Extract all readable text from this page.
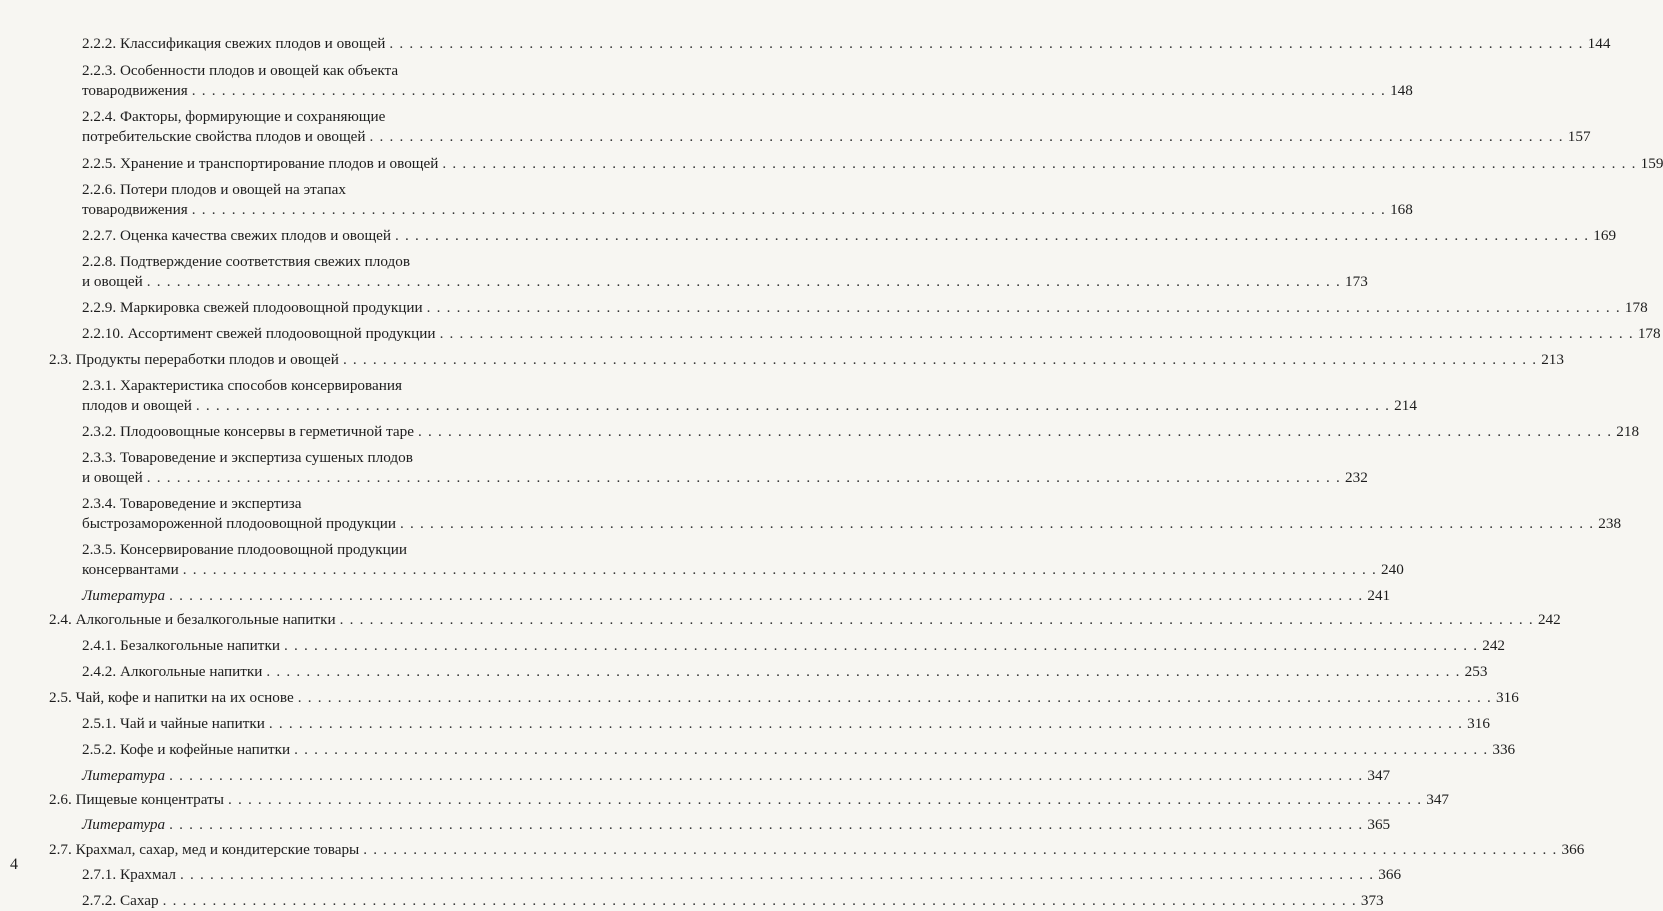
2.2.2. Классификация свежих плодов и овощей . . . . . . . . . . . . . . . . . . . . . . . . . . . . . . . . . . . . . . . . . . . . . . . . . . . . . . . . . . . . . . . . . . . . . . . . . . . . . . . . . . . . . . . . . . . . . . . . . . . . . . . . . . . . . . . . . . . . . . . . 144
2.2.3. Особенности плодов и овощей как объекта
товародвижения . . . . . . . . . . . . . . . . . . . . . . . . . . . . . . . . . . . . . . . . . . . . . . . . . . . . . . . . . . . . . . . . . . . . . . . . . . . . . . . . . . . . . . . . . . . . . . . . . . . . . . . . . . . . . . . . . . . . . . . . 148
2.2.4. Факторы, формирующие и сохраняющие
потребительские свойства плодов и овощей . . . . . . . . . . . . . . . . . . . . . . . . . . . . . . . . . . . . . . . . . . . . . . . . . . . . . . . . . . . . . . . . . . . . . . . . . . . . . . . . . . . . . . . . . . . . . . . . . . . . . . . . . . . . . . . . . . . . . . . . 157
2.2.5. Хранение и транспортирование плодов и овощей . . . . . . . . . . . . . . . . . . . . . . . . . . . . . . . . . . . . . . . . . . . . . . . . . . . . . . . . . . . . . . . . . . . . . . . . . . . . . . . . . . . . . . . . . . . . . . . . . . . . . . . . . . . . . . . . . . . . . . . . 159
2.2.6. Потери плодов и овощей на этапах
товародвижения . . . . . . . . . . . . . . . . . . . . . . . . . . . . . . . . . . . . . . . . . . . . . . . . . . . . . . . . . . . . . . . . . . . . . . . . . . . . . . . . . . . . . . . . . . . . . . . . . . . . . . . . . . . . . . . . . . . . . . . . 168
2.2.7. Оценка качества свежих плодов и овощей . . . . . . . . . . . . . . . . . . . . . . . . . . . . . . . . . . . . . . . . . . . . . . . . . . . . . . . . . . . . . . . . . . . . . . . . . . . . . . . . . . . . . . . . . . . . . . . . . . . . . . . . . . . . . . . . . . . . . . . . 169
2.2.8. Подтверждение соответствия свежих плодов
и овощей . . . . . . . . . . . . . . . . . . . . . . . . . . . . . . . . . . . . . . . . . . . . . . . . . . . . . . . . . . . . . . . . . . . . . . . . . . . . . . . . . . . . . . . . . . . . . . . . . . . . . . . . . . . . . . . . . . . . . . . . 173
2.2.9. Маркировка свежей плодоовощной продукции . . . . . . . . . . . . . . . . . . . . . . . . . . . . . . . . . . . . . . . . . . . . . . . . . . . . . . . . . . . . . . . . . . . . . . . . . . . . . . . . . . . . . . . . . . . . . . . . . . . . . . . . . . . . . . . . . . . . . . . . 178
2.2.10. Ассортимент свежей плодоовощной продукции . . . . . . . . . . . . . . . . . . . . . . . . . . . . . . . . . . . . . . . . . . . . . . . . . . . . . . . . . . . . . . . . . . . . . . . . . . . . . . . . . . . . . . . . . . . . . . . . . . . . . . . . . . . . . . . . . . . . . . . . 178
2.3. Продукты переработки плодов и овощей . . . . . . . . . . . . . . . . . . . . . . . . . . . . . . . . . . . . . . . . . . . . . . . . . . . . . . . . . . . . . . . . . . . . . . . . . . . . . . . . . . . . . . . . . . . . . . . . . . . . . . . . . . . . . . . . . . . . . . . . 213
2.3.1. Характеристика способов консервирования
плодов и овощей . . . . . . . . . . . . . . . . . . . . . . . . . . . . . . . . . . . . . . . . . . . . . . . . . . . . . . . . . . . . . . . . . . . . . . . . . . . . . . . . . . . . . . . . . . . . . . . . . . . . . . . . . . . . . . . . . . . . . . . . 214
2.3.2. Плодоовощные консервы в герметичной таре . . . . . . . . . . . . . . . . . . . . . . . . . . . . . . . . . . . . . . . . . . . . . . . . . . . . . . . . . . . . . . . . . . . . . . . . . . . . . . . . . . . . . . . . . . . . . . . . . . . . . . . . . . . . . . . . . . . . . . . . 218
2.3.3. Товароведение и экспертиза сушеных плодов
и овощей . . . . . . . . . . . . . . . . . . . . . . . . . . . . . . . . . . . . . . . . . . . . . . . . . . . . . . . . . . . . . . . . . . . . . . . . . . . . . . . . . . . . . . . . . . . . . . . . . . . . . . . . . . . . . . . . . . . . . . . . 232
2.3.4. Товароведение и экспертиза
быстрозамороженной плодоовощной продукции . . . . . . . . . . . . . . . . . . . . . . . . . . . . . . . . . . . . . . . . . . . . . . . . . . . . . . . . . . . . . . . . . . . . . . . . . . . . . . . . . . . . . . . . . . . . . . . . . . . . . . . . . . . . . . . . . . . . . . . . 238
2.3.5. Консервирование плодоовощной продукции
консервантами . . . . . . . . . . . . . . . . . . . . . . . . . . . . . . . . . . . . . . . . . . . . . . . . . . . . . . . . . . . . . . . . . . . . . . . . . . . . . . . . . . . . . . . . . . . . . . . . . . . . . . . . . . . . . . . . . . . . . . . . 240
Литература . . . . . . . . . . . . . . . . . . . . . . . . . . . . . . . . . . . . . . . . . . . . . . . . . . . . . . . . . . . . . . . . . . . . . . . . . . . . . . . . . . . . . . . . . . . . . . . . . . . . . . . . . . . . . . . . . . . . . . . . 241
2.4. Алкогольные и безалкогольные напитки . . . . . . . . . . . . . . . . . . . . . . . . . . . . . . . . . . . . . . . . . . . . . . . . . . . . . . . . . . . . . . . . . . . . . . . . . . . . . . . . . . . . . . . . . . . . . . . . . . . . . . . . . . . . . . . . . . . . . . . . 242
2.4.1. Безалкогольные напитки . . . . . . . . . . . . . . . . . . . . . . . . . . . . . . . . . . . . . . . . . . . . . . . . . . . . . . . . . . . . . . . . . . . . . . . . . . . . . . . . . . . . . . . . . . . . . . . . . . . . . . . . . . . . . . . . . . . . . . . . 242
2.4.2. Алкогольные напитки . . . . . . . . . . . . . . . . . . . . . . . . . . . . . . . . . . . . . . . . . . . . . . . . . . . . . . . . . . . . . . . . . . . . . . . . . . . . . . . . . . . . . . . . . . . . . . . . . . . . . . . . . . . . . . . . . . . . . . . . 253
2.5. Чай, кофе и напитки на их основе . . . . . . . . . . . . . . . . . . . . . . . . . . . . . . . . . . . . . . . . . . . . . . . . . . . . . . . . . . . . . . . . . . . . . . . . . . . . . . . . . . . . . . . . . . . . . . . . . . . . . . . . . . . . . . . . . . . . . . . . 316
2.5.1. Чай и чайные напитки . . . . . . . . . . . . . . . . . . . . . . . . . . . . . . . . . . . . . . . . . . . . . . . . . . . . . . . . . . . . . . . . . . . . . . . . . . . . . . . . . . . . . . . . . . . . . . . . . . . . . . . . . . . . . . . . . . . . . . . . 316
2.5.2. Кофе и кофейные напитки . . . . . . . . . . . . . . . . . . . . . . . . . . . . . . . . . . . . . . . . . . . . . . . . . . . . . . . . . . . . . . . . . . . . . . . . . . . . . . . . . . . . . . . . . . . . . . . . . . . . . . . . . . . . . . . . . . . . . . . . 336
Литература . . . . . . . . . . . . . . . . . . . . . . . . . . . . . . . . . . . . . . . . . . . . . . . . . . . . . . . . . . . . . . . . . . . . . . . . . . . . . . . . . . . . . . . . . . . . . . . . . . . . . . . . . . . . . . . . . . . . . . . . 347
2.6. Пищевые концентраты . . . . . . . . . . . . . . . . . . . . . . . . . . . . . . . . . . . . . . . . . . . . . . . . . . . . . . . . . . . . . . . . . . . . . . . . . . . . . . . . . . . . . . . . . . . . . . . . . . . . . . . . . . . . . . . . . . . . . . . . 347
Литература . . . . . . . . . . . . . . . . . . . . . . . . . . . . . . . . . . . . . . . . . . . . . . . . . . . . . . . . . . . . . . . . . . . . . . . . . . . . . . . . . . . . . . . . . . . . . . . . . . . . . . . . . . . . . . . . . . . . . . . . 365
2.7. Крахмал, сахар, мед и кондитерские товары . . . . . . . . . . . . . . . . . . . . . . . . . . . . . . . . . . . . . . . . . . . . . . . . . . . . . . . . . . . . . . . . . . . . . . . . . . . . . . . . . . . . . . . . . . . . . . . . . . . . . . . . . . . . . . . . . . . . . . . . 366
2.7.1. Крахмал . . . . . . . . . . . . . . . . . . . . . . . . . . . . . . . . . . . . . . . . . . . . . . . . . . . . . . . . . . . . . . . . . . . . . . . . . . . . . . . . . . . . . . . . . . . . . . . . . . . . . . . . . . . . . . . . . . . . . . . . 366
2.7.2. Сахар . . . . . . . . . . . . . . . . . . . . . . . . . . . . . . . . . . . . . . . . . . . . . . . . . . . . . . . . . . . . . . . . . . . . . . . . . . . . . . . . . . . . . . . . . . . . . . . . . . . . . . . . . . . . . . . . . . . . . . . . 373
4
